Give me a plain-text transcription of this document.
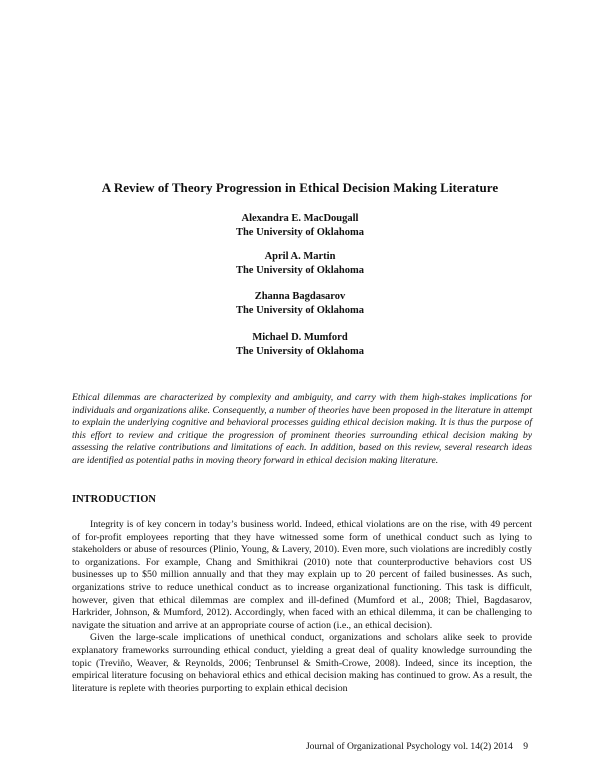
A Review of Theory Progression in Ethical Decision Making Literature
Alexandra E. MacDougall
The University of Oklahoma
April A. Martin
The University of Oklahoma
Zhanna Bagdasarov
The University of Oklahoma
Michael D. Mumford
The University of Oklahoma
Ethical dilemmas are characterized by complexity and ambiguity, and carry with them high-stakes implications for individuals and organizations alike. Consequently, a number of theories have been proposed in the literature in attempt to explain the underlying cognitive and behavioral processes guiding ethical decision making. It is thus the purpose of this effort to review and critique the progression of prominent theories surrounding ethical decision making by assessing the relative contributions and limitations of each. In addition, based on this review, several research ideas are identified as potential paths in moving theory forward in ethical decision making literature.
INTRODUCTION

Integrity is of key concern in today’s business world. Indeed, ethical violations are on the rise, with 49 percent of for-profit employees reporting that they have witnessed some form of unethical conduct such as lying to stakeholders or abuse of resources (Plinio, Young, & Lavery, 2010). Even more, such violations are incredibly costly to organizations. For example, Chang and Smithikrai (2010) note that counterproductive behaviors cost US businesses up to $50 million annually and that they may explain up to 20 percent of failed businesses. As such, organizations strive to reduce unethical conduct as to increase organizational functioning. This task is difficult, however, given that ethical dilemmas are complex and ill-defined (Mumford et al., 2008; Thiel, Bagdasarov, Harkrider, Johnson, & Mumford, 2012). Accordingly, when faced with an ethical dilemma, it can be challenging to navigate the situation and arrive at an appropriate course of action (i.e., an ethical decision).

Given the large-scale implications of unethical conduct, organizations and scholars alike seek to provide explanatory frameworks surrounding ethical conduct, yielding a great deal of quality knowledge surrounding the topic (Treviño, Weaver, & Reynolds, 2006; Tenbrunsel & Smith-Crowe, 2008). Indeed, since its inception, the empirical literature focusing on behavioral ethics and ethical decision making has continued to grow. As a result, the literature is replete with theories purporting to explain ethical decision

Journal of Organizational Psychology vol. 14(2) 2014 9
